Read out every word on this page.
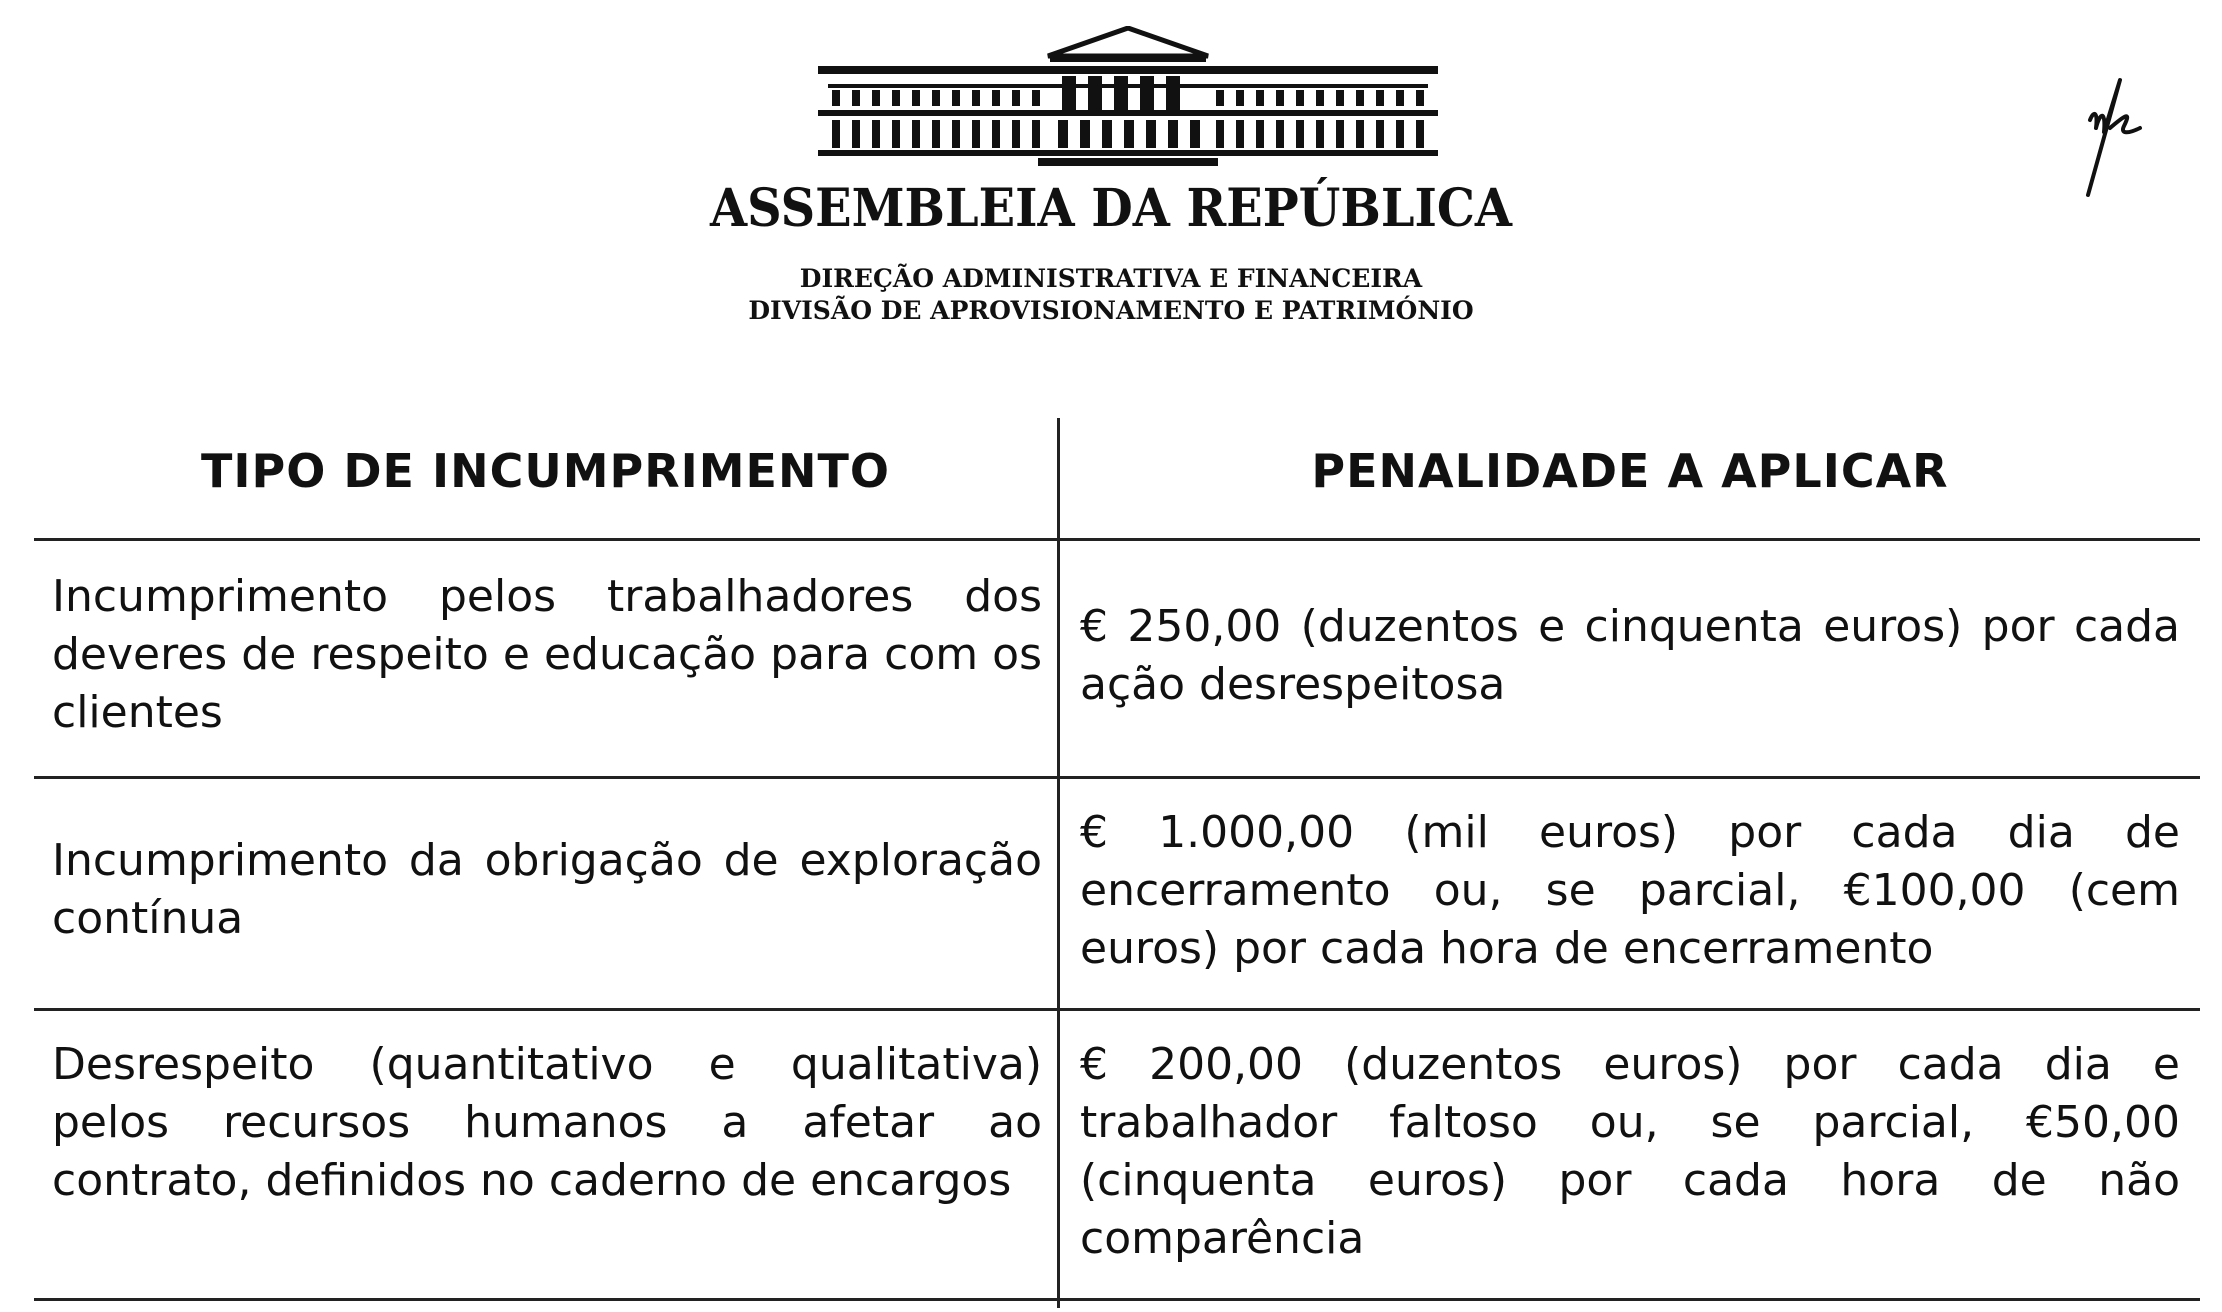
ASSEMBLEIA DA REPÚBLICA
DIREÇÃO ADMINISTRATIVA E FINANCEIRA
DIVISÃO DE APROVISIONAMENTO E PATRIMÓNIO
TIPO DE INCUMPRIMENTO	PENALIDADE A APLICAR
Incumprimento pelos trabalhadores dos deveres de respeito e educação para com os clientes
€ 250,00 (duzentos e cinquenta euros) por cada ação desrespeitosa
Incumprimento da obrigação de exploração contínua
€ 1.000,00 (mil euros) por cada dia de encerramento ou, se parcial, €100,00 (cem euros) por cada hora de encerramento
Desrespeito (quantitativo e qualitativa) pelos recursos humanos a afetar ao contrato, definidos no caderno de encargos
€ 200,00 (duzentos euros) por cada dia e trabalhador faltoso ou, se parcial, €50,00 (cinquenta euros) por cada hora de não comparência
